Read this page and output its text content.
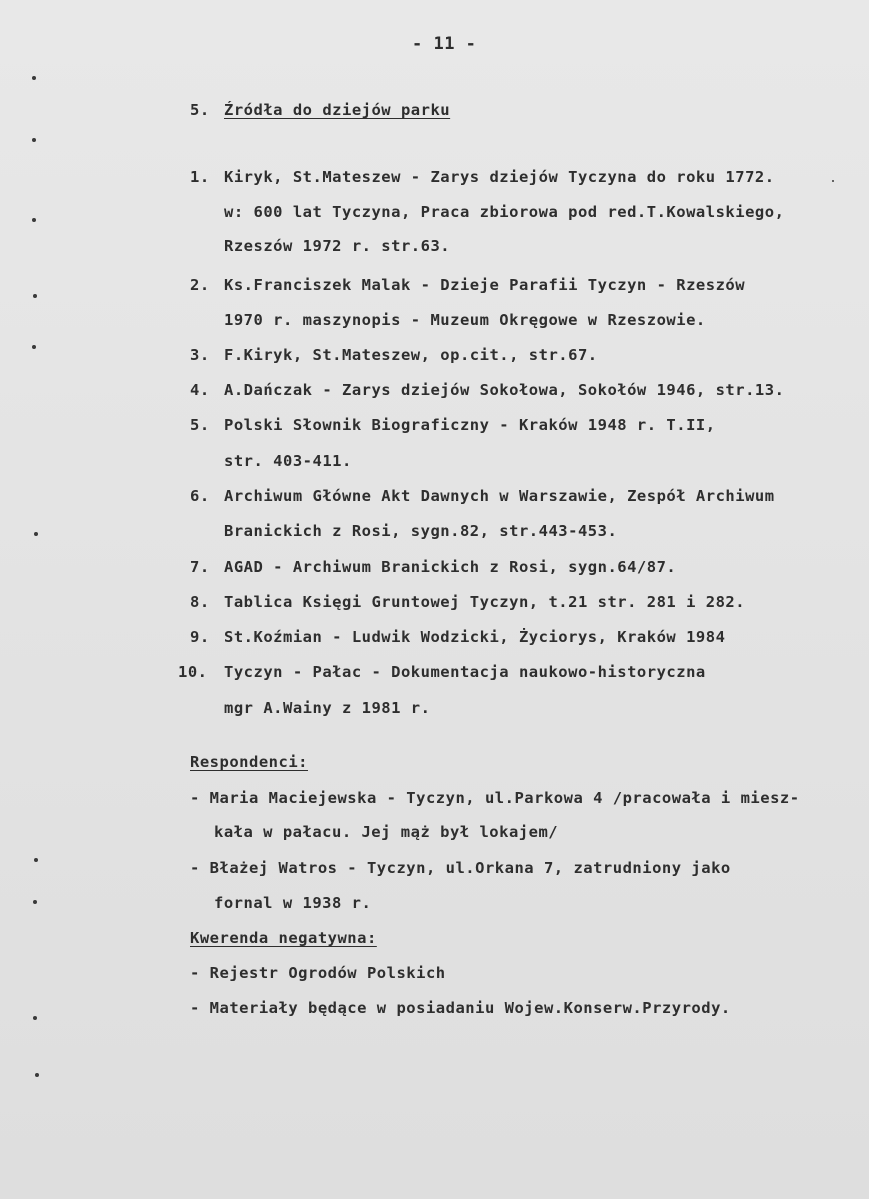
- 11 -
5. Źródła do dziejów parku
1. Kiryk, St.Mateszew - Zarys dziejów Tyczyna do roku 1772.
w: 600 lat Tyczyna, Praca zbiorowa pod red.T.Kowalskiego,
Rzeszów 1972 r. str.63.
2. Ks.Franciszek Malak - Dzieje Parafii Tyczyn - Rzeszów
1970 r. maszynopis - Muzeum Okręgowe w Rzeszowie.
3. F.Kiryk, St.Mateszew, op.cit., str.67.
4. A.Dańczak - Zarys dziejów Sokołowa, Sokołów 1946, str.13.
5. Polski Słownik Biograficzny - Kraków 1948 r. T.II,
str. 403-411.
6. Archiwum Główne Akt Dawnych w Warszawie, Zespół Archiwum
Branickich z Rosi, sygn.82, str.443-453.
7. AGAD - Archiwum Branickich z Rosi, sygn.64/87.
8. Tablica Księgi Gruntowej Tyczyn, t.21 str. 281 i 282.
9. St.Koźmian - Ludwik Wodzicki, Życiorys, Kraków 1984
10. Tyczyn - Pałac - Dokumentacja naukowo-historyczna
mgr A.Wainy z 1981 r.
Respondenci:
- Maria Maciejewska - Tyczyn, ul.Parkowa 4 /pracowała i miesz-
kała w pałacu. Jej mąż był lokajem/
- Błażej Watros - Tyczyn, ul.Orkana 7, zatrudniony jako
fornal w 1938 r.
Kwerenda negatywna:
- Rejestr Ogrodów Polskich
- Materiały będące w posiadaniu Wojew.Konserw.Przyrody.
